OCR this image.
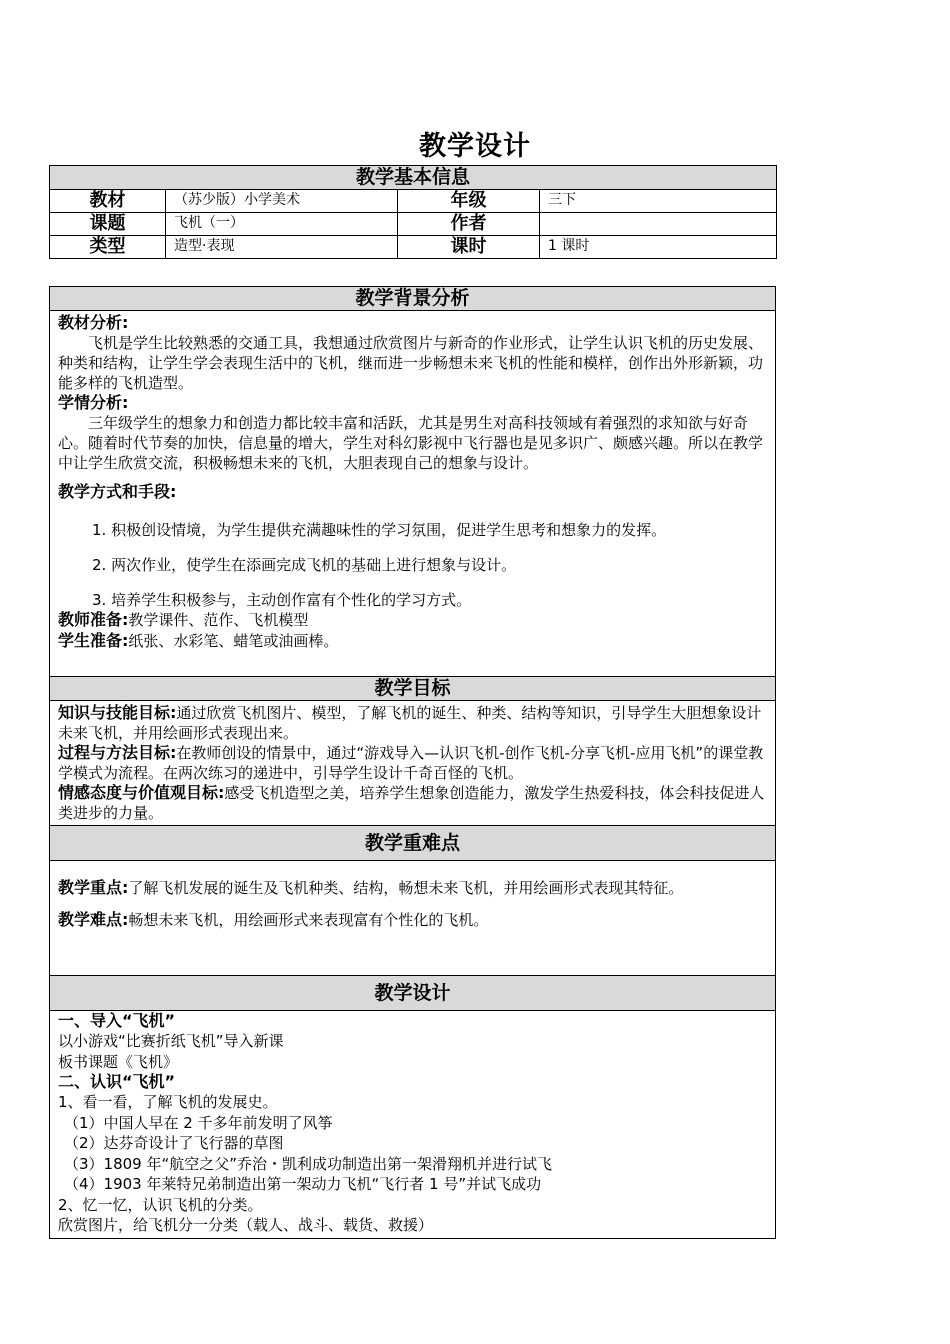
教学设计
教学基本信息			
教材	（苏少版）小学美术	年级	三下
课题	飞机（一）	作者	
类型	造型·表现	课时	1 课时
教学背景分析

教材分析:
飞机是学生比较熟悉的交通工具，我想通过欣赏图片与新奇的作业形式，让学生认识飞机的历史发展、种类和结构，让学生学会表现生活中的飞机，继而进一步畅想未来飞机的性能和模样，创作出外形新颖，功能多样的飞机造型。
学情分析:
三年级学生的想象力和创造力都比较丰富和活跃，尤其是男生对高科技领域有着强烈的求知欲与好奇心。随着时代节奏的加快，信息量的增大，学生对科幻影视中飞行器也是见多识广、颇感兴趣。所以在教学中让学生欣赏交流，积极畅想未来的飞机，大胆表现自己的想象与设计。
教学方式和手段:
1. 积极创设情境，为学生提供充满趣味性的学习氛围，促进学生思考和想象力的发挥。
2. 两次作业，使学生在添画完成飞机的基础上进行想象与设计。
3. 培养学生积极参与，主动创作富有个性化的学习方式。
教师准备:教学课件、范作、飞机模型
学生准备:纸张、水彩笔、蜡笔或油画棒。

教学目标

知识与技能目标:通过欣赏飞机图片、模型，了解飞机的诞生、种类、结构等知识，引导学生大胆想象设计未来飞机，并用绘画形式表现出来。
过程与方法目标:在教师创设的情景中，通过“游戏导入—认识飞机-创作飞机-分享飞机-应用飞机”的课堂教学模式为流程。在两次练习的递进中，引导学生设计千奇百怪的飞机。
情感态度与价值观目标:感受飞机造型之美，培养学生想象创造能力，激发学生热爱科技，体会科技促进人类进步的力量。

教学重难点

教学重点:了解飞机发展的诞生及飞机种类、结构，畅想未来飞机，并用绘画形式表现其特征。
教学难点:畅想未来飞机，用绘画形式来表现富有个性化的飞机。

教学设计

一、导入“飞机”
以小游戏“比赛折纸飞机”导入新课
板书课题《飞机》
二、认识“飞机”
1、看一看，了解飞机的发展史。
（1）中国人早在 2 千多年前发明了风筝
（2）达芬奇设计了飞行器的草图
（3）1809 年“航空之父”乔治・凯利成功制造出第一架滑翔机并进行试飞
（4）1903 年莱特兄弟制造出第一架动力飞机“飞行者 1 号”并试飞成功
2、忆一忆，认识飞机的分类。
欣赏图片，给飞机分一分类（载人、战斗、载货、救援）
